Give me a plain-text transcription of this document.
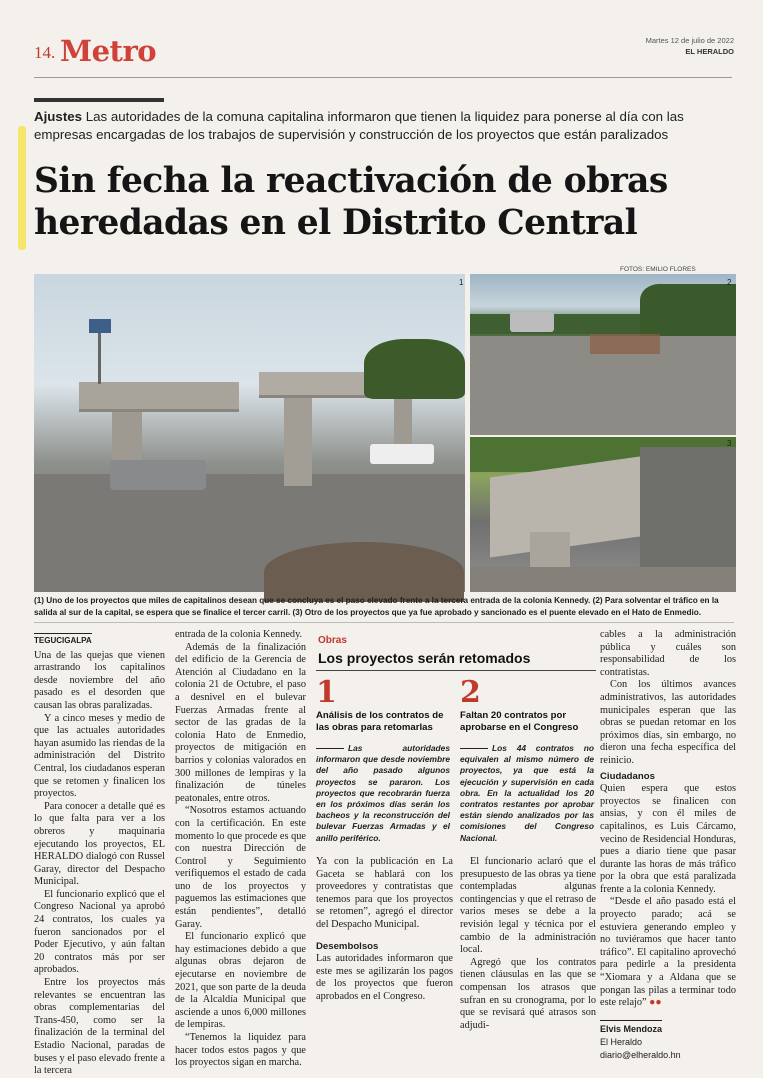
14. Metro	Martes 12 de julio de 2022
EL HERALDO
Ajustes Las autoridades de la comuna capitalina informaron que tienen la liquidez para ponerse al día con las empresas encargadas de los trabajos de supervisión y construcción de los proyectos que están paralizados
Sin fecha la reactivación de obras heredadas en el Distrito Central
FOTOS: EMILIO FLORES
1	2
3

(1) Uno de los proyectos que miles de capitalinos desean que se concluya es el paso elevado frente a la tercera entrada de la colonia Kennedy. (2) Para solventar el tráfico en la salida al sur de la capital, se espera que se finalice el tercer carril. (3) Otro de los proyectos que ya fue aprobado y sancionado es el puente elevado en el Hato de Enmedio.

TEGUCIGALPA

Una de las quejas que vienen arrastrando los capitalinos desde noviembre del año pasado es el desorden que causan las obras paralizadas.

Y a cinco meses y medio de que las actuales autoridades hayan asumido las riendas de la administración del Distrito Central, los ciudadanos esperan que se retomen y finalicen los proyectos.

Para conocer a detalle qué es lo que falta para ver a los obreros y maquinaria ejecutando los proyectos, EL HERALDO dialogó con Russel Garay, director del Despacho Municipal.

El funcionario explicó que el Congreso Nacional ya aprobó 24 contratos, los cuales ya fueron sancionados por el Poder Ejecutivo, y aún faltan 20 contratos más por ser aprobados.

Entre los proyectos más relevantes se encuentran las obras complementarias del Trans-450, como ser la finalización de la terminal del Estadio Nacional, paradas de buses y el paso elevado frente a la tercera

entrada de la colonia Kennedy.

Además de la finalización del edificio de la Gerencia de Atención al Ciudadano en la colonia 21 de Octubre, el paso a desnivel en el bulevar Fuerzas Armadas frente al sector de las gradas de la colonia Hato de Enmedio, proyectos de mitigación en barrios y colonias valorados en 300 millones de lempiras y la finalización de túneles peatonales, entre otros.

“Nosotros estamos actuando con la certificación. En este momento lo que procede es que con nuestra Dirección de Control y Seguimiento verifiquemos el estado de cada uno de los proyectos y paguemos las estimaciones que están pendientes”, detalló Garay.

El funcionario explicó que hay estimaciones debido a que algunas obras dejaron de ejecutarse en noviembre de 2021, que son parte de la deuda de la Alcaldía Municipal que asciende a unos 6,000 millones de lempiras.

“Tenemos la liquidez para hacer todos estos pagos y que los proyectos sigan en marcha.

Obras
Los proyectos serán retomados
1
Análisis de los contratos de las obras para retomarlas
Las autoridades informaron que desde noviembre del año pasado algunos proyectos se pararon. Los proyectos que recobrarán fuerza en los próximos días serán los bacheos y la reconstrucción del bulevar Fuerzas Armadas y el anillo periférico.
2
Faltan 20 contratos por aprobarse en el Congreso
Los 44 contratos no equivalen al mismo número de proyectos, ya que está la ejecución y supervisión en cada obra. En la actualidad los 20 contratos restantes por aprobar están siendo analizados por las comisiones del Congreso Nacional.

Ya con la publicación en La Gaceta se hablará con los proveedores y contratistas que tenemos para que los proyectos se retomen”, agregó el director del Despacho Municipal.

Desembolsos

Las autoridades informaron que este mes se agilizarán los pagos de los proyectos que fueron aprobados en el Congreso.

El funcionario aclaró que el presupuesto de las obras ya tiene contempladas algunas contingencias y que el retraso de varios meses se debe a la revisión legal y técnica por el cambio de la administración local.

Agregó que los contratos tienen cláusulas en las que se compensan los atrasos que sufran en su cronograma, por lo que se revisará qué atrasos son adjudi-

cables a la administración pública y cuáles son responsabilidad de los contratistas.

Con los últimos avances administrativos, las autoridades municipales esperan que las obras se puedan retomar en los próximos días, sin embargo, no dieron una fecha específica del reinicio.

Ciudadanos

Quien espera que estos proyectos se finalicen con ansias, y con él miles de capitalinos, es Luis Cárcamo, vecino de Residencial Honduras, pues a diario tiene que pasar durante las horas de más tráfico por la obra que está paralizada frente a la colonia Kennedy.

“Desde el año pasado está el proyecto parado; acá se estuviera generando empleo y no tuviéramos que hacer tanto tráfico”. El capitalino aprovechó para pedirle a la presidenta “Xiomara y a Aldana que se pongan las pilas a terminar todo este relajo” ●●

Elvis Mendoza
El Heraldo
diario@elheraldo.hn
